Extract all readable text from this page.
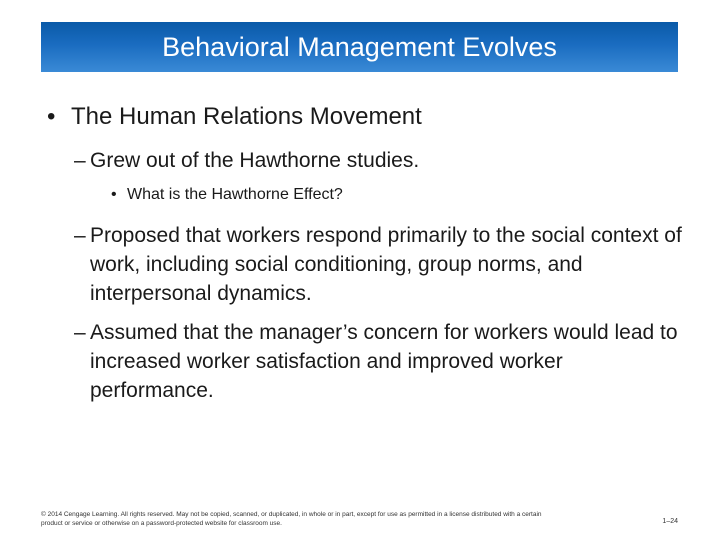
Behavioral Management Evolves
• The Human Relations Movement
– Grew out of the Hawthorne studies.
• What is the Hawthorne Effect?
– Proposed that workers respond primarily to the social context of work, including social conditioning, group norms, and interpersonal dynamics.
– Assumed that the manager’s concern for workers would lead to increased worker satisfaction and improved worker performance.
© 2014 Cengage Learning. All rights reserved. May not be copied, scanned, or duplicated, in whole or in part, except for use as permitted in a license distributed with a certain product or service or otherwise on a password-protected website for classroom use.	1–24
